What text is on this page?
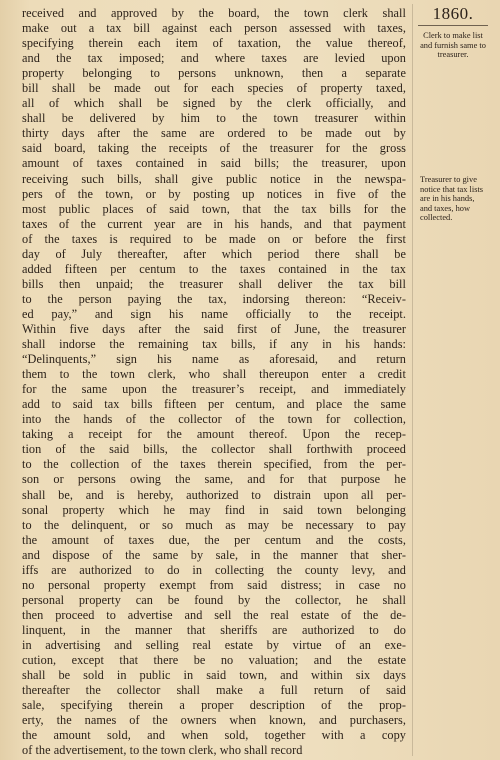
1860.
Clerk to make list and furnish same to treasurer.
Treasurer to give notice that tax lists are in his hands, and taxes, how collected.
received and approved by the board, the town clerk shall
make out a tax bill against each person assessed with taxes,
specifying therein each item of taxation, the value thereof,
and the tax imposed; and where taxes are levied upon
property belonging to persons unknown, then a separate
bill shall be made out for each species of property taxed,
all of which shall be signed by the clerk officially, and
shall be delivered by him to the town treasurer within
thirty days after the same are ordered to be made out by
said board, taking the receipts of the treasurer for the gross
amount of taxes contained in said bills; the treasurer, upon
receiving such bills, shall give public notice in the newspa-
pers of the town, or by posting up notices in five of the
most public places of said town, that the tax bills for the
taxes of the current year are in his hands, and that payment
of the taxes is required to be made on or before the first
day of July thereafter, after which period there shall be
added fifteen per centum to the taxes contained in the tax
bills then unpaid; the treasurer shall deliver the tax bill
to the person paying the tax, indorsing thereon: “Receiv-
ed pay,” and sign his name officially to the receipt.
Within five days after the said first of June, the treasurer
shall indorse the remaining tax bills, if any in his hands:
“Delinquents,” sign his name as aforesaid, and return
them to the town clerk, who shall thereupon enter a credit
for the same upon the treasurer’s receipt, and immediately
add to said tax bills fifteen per centum, and place the same
into the hands of the collector of the town for collection,
taking a receipt for the amount thereof. Upon the recep-
tion of the said bills, the collector shall forthwith proceed
to the collection of the taxes therein specified, from the per-
son or persons owing the same, and for that purpose he
shall be, and is hereby, authorized to distrain upon all per-
sonal property which he may find in said town belonging
to the delinquent, or so much as may be necessary to pay
the amount of taxes due, the per centum and the costs,
and dispose of the same by sale, in the manner that sher-
iffs are authorized to do in collecting the county levy, and
no personal property exempt from said distress; in case no
personal property can be found by the collector, he shall
then proceed to advertise and sell the real estate of the de-
linquent, in the manner that sheriffs are authorized to do
in advertising and selling real estate by virtue of an exe-
cution, except that there be no valuation; and the estate
shall be sold in public in said town, and within six days
thereafter the collector shall make a full return of said
sale, specifying therein a proper description of the prop-
erty, the names of the owners when known, and purchasers,
the amount sold, and when sold, together with a copy
of the advertisement, to the town clerk, who shall record
